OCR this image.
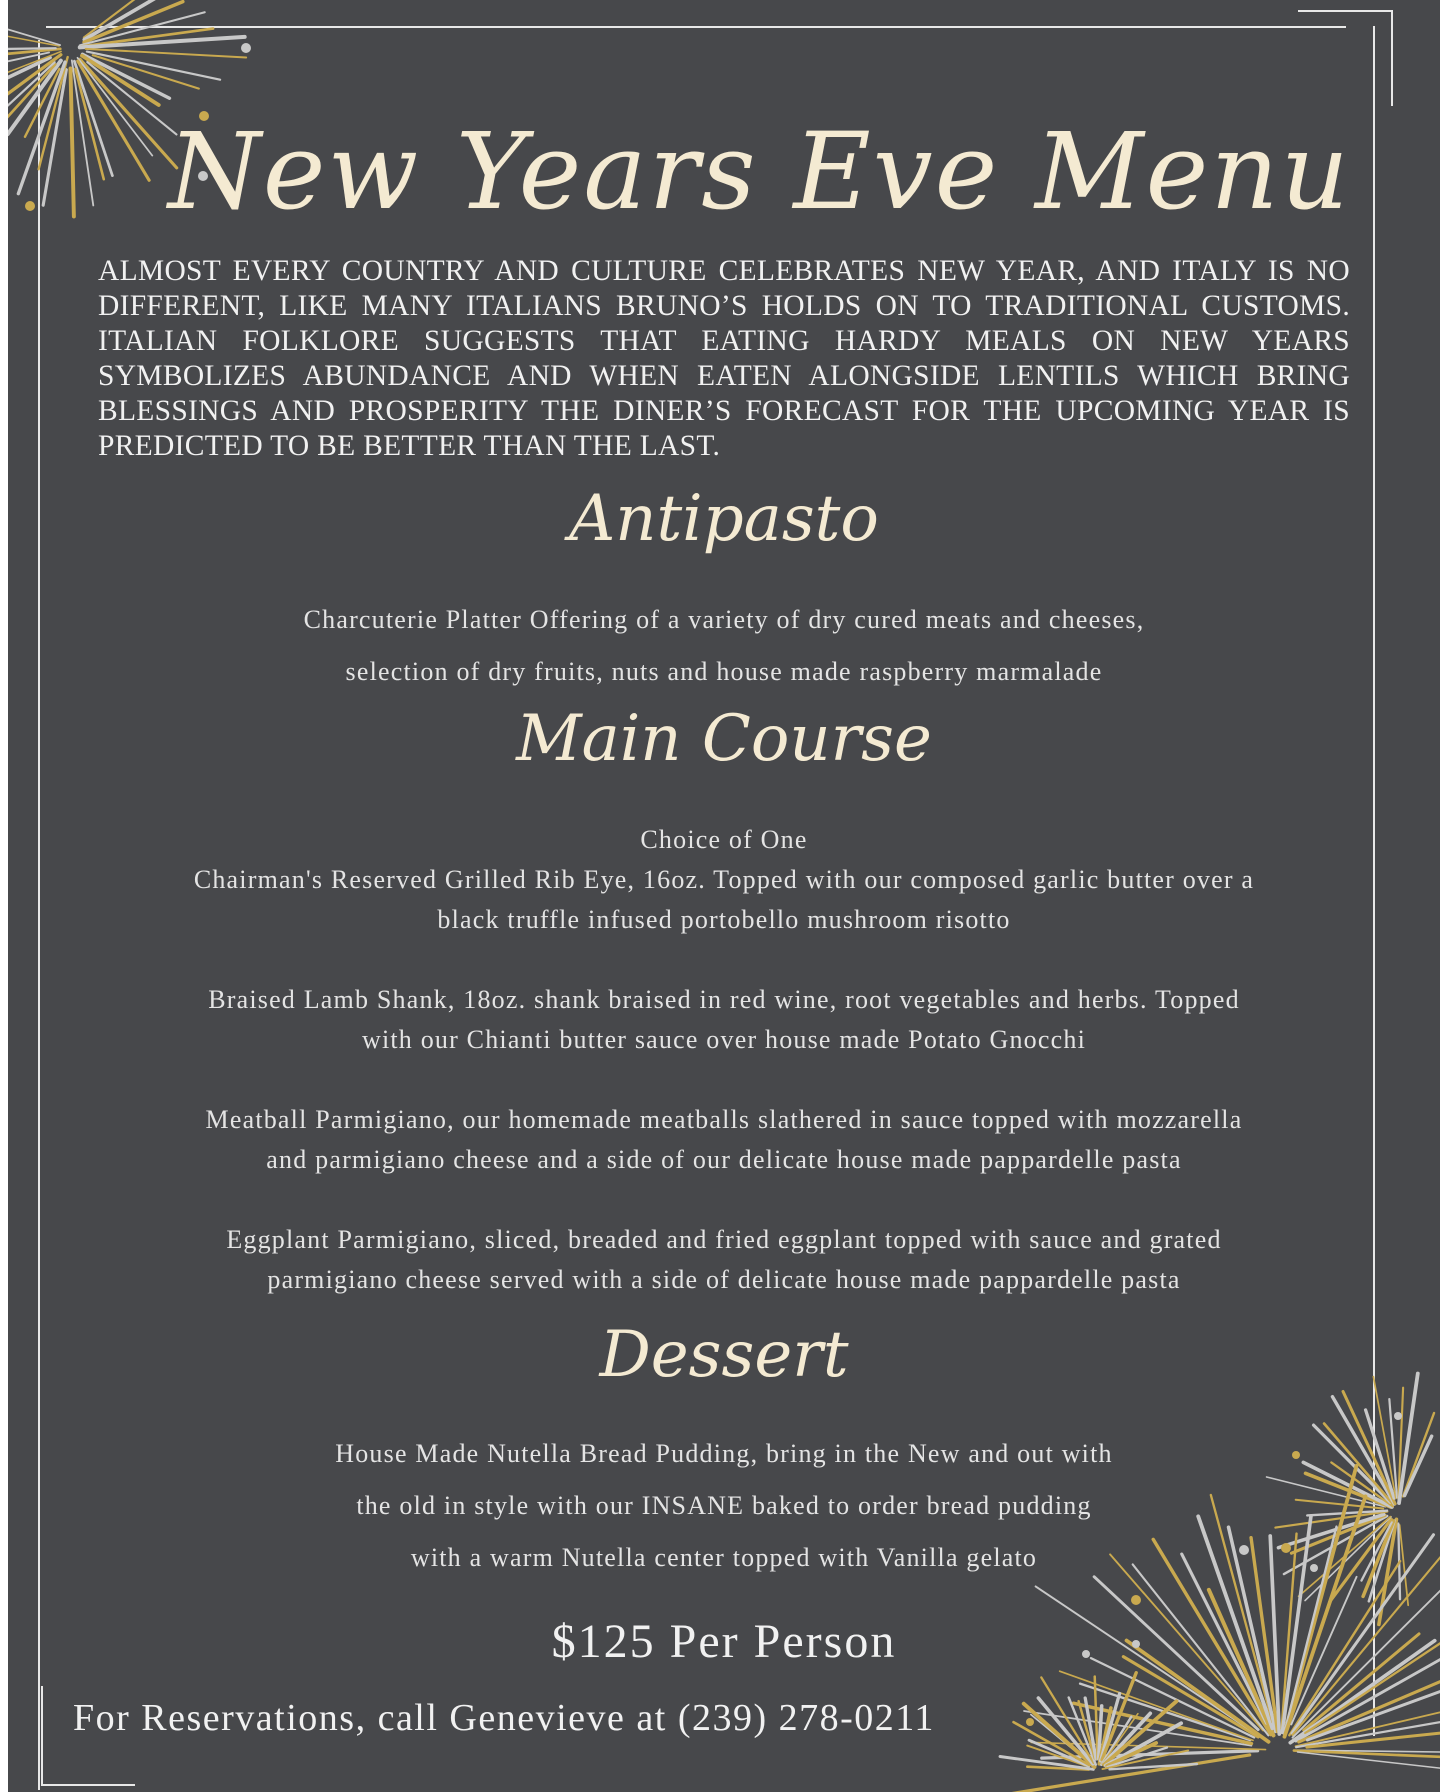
New Years Eve Menu

ALMOST EVERY COUNTRY AND CULTURE CELEBRATES NEW YEAR, AND ITALY IS NO DIFFERENT, LIKE MANY ITALIANS BRUNO’S HOLDS ON TO TRADITIONAL CUSTOMS. ITALIAN FOLKLORE SUGGESTS THAT EATING HARDY MEALS ON NEW YEARS SYMBOLIZES ABUNDANCE AND WHEN EATEN ALONGSIDE LENTILS WHICH BRING BLESSINGS AND PROSPERITY THE DINER’S FORECAST FOR THE UPCOMING YEAR IS PREDICTED TO BE BETTER THAN THE LAST.

Antipasto
Charcuterie Platter Offering of a variety of dry cured meats and cheeses,
selection of dry fruits, nuts and house made raspberry marmalade
Main Course
Choice of One
Chairman's Reserved Grilled Rib Eye, 16oz. Topped with our composed garlic butter over a
black truffle infused portobello mushroom risotto
Braised Lamb Shank, 18oz. shank braised in red wine, root vegetables and herbs. Topped
with our Chianti butter sauce over house made Potato Gnocchi
Meatball Parmigiano, our homemade meatballs slathered in sauce topped with mozzarella
and parmigiano cheese and a side of our delicate house made pappardelle pasta
Eggplant Parmigiano, sliced, breaded and fried eggplant topped with sauce and grated
parmigiano cheese served with a side of delicate house made pappardelle pasta
Dessert
House Made Nutella Bread Pudding, bring in the New and out with
the old in style with our INSANE baked to order bread pudding
with a warm Nutella center topped with Vanilla gelato
$125 Per Person
For Reservations, call Genevieve at (239) 278-0211
